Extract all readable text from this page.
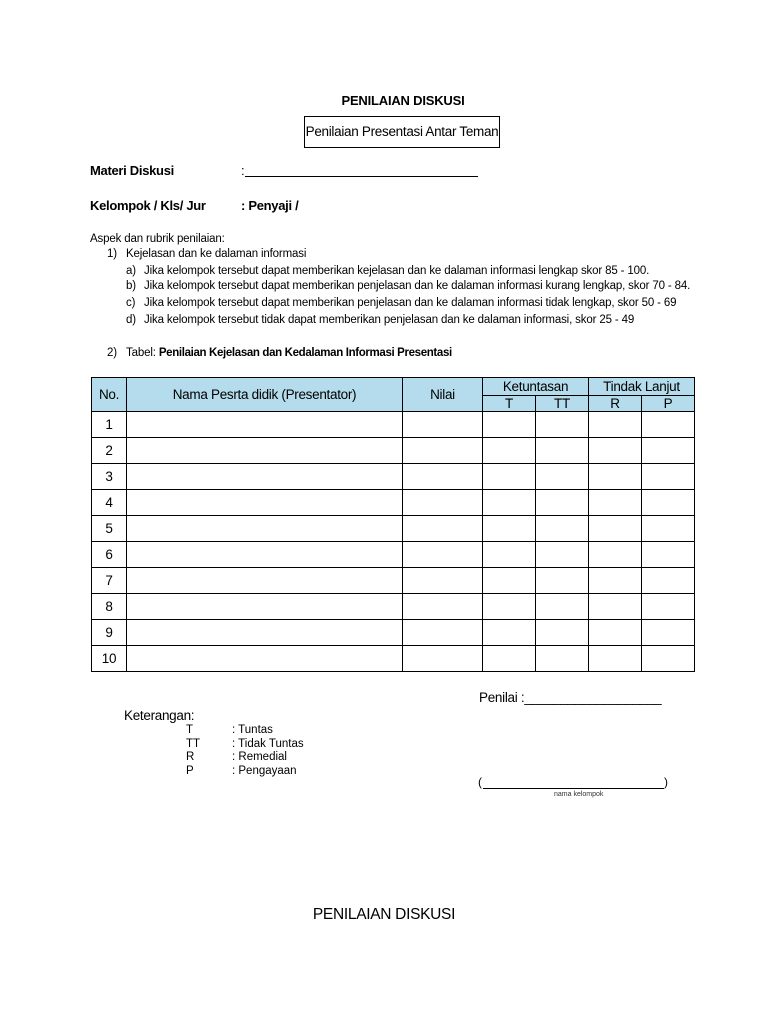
PENILAIAN DISKUSI
Penilaian Presentasi Antar Teman
Materi Diskusi	:
Kelompok / Kls/ Jur	: Penyaji /
Aspek dan rubrik penilaian:
1) Kejelasan dan ke dalaman informasi
a) Jika kelompok tersebut dapat memberikan kejelasan dan ke dalaman informasi lengkap skor 85 - 100.
b) Jika kelompok tersebut dapat memberikan penjelasan dan ke dalaman informasi kurang lengkap, skor 70 - 84.
c) Jika kelompok tersebut dapat memberikan penjelasan dan ke dalaman informasi tidak lengkap, skor 50 - 69
d) Jika kelompok tersebut tidak dapat memberikan penjelasan dan ke dalaman informasi, skor 25 - 49
2) Tabel: Penilaian Kejelasan dan Kedalaman Informasi Presentasi
No.	Nama Pesrta didik (Presentator)	Nilai	Ketuntasan		Tindak Lanjut	
			T	TT	R	P
1						
2						
3						
4						
5						
6						
7						
8						
9						
10						
Penilai :___________________
Keterangan:
T	: Tuntas
TT	: Tidak Tuntas
R	: Remedial
P	: Pengayaan
(	)
nama kelompok
PENILAIAN DISKUSI
